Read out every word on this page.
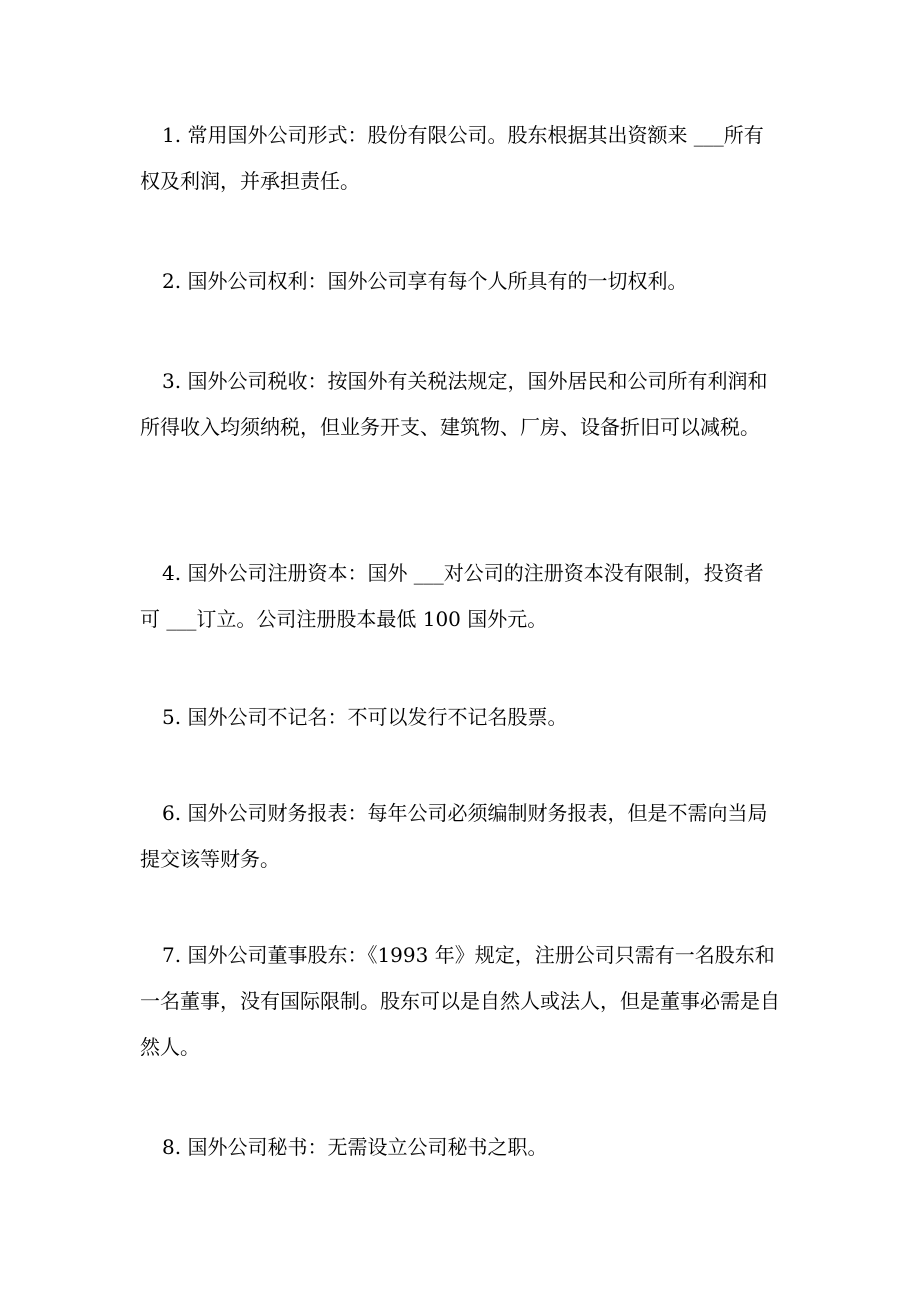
1. 常用国外公司形式：股份有限公司。股东根据其出资额来 ___所有权及利润，并承担责任。

2. 国外公司权利：国外公司享有每个人所具有的一切权利。

3. 国外公司税收：按国外有关税法规定，国外居民和公司所有利润和所得收入均须纳税，但业务开支、建筑物、厂房、设备折旧可以减税。

4. 国外公司注册资本：国外 ___对公司的注册资本没有限制，投资者可 ___订立。公司注册股本最低 100 国外元。

5. 国外公司不记名：不可以发行不记名股票。

6. 国外公司财务报表：每年公司必须编制财务报表，但是不需向当局提交该等财务。

7. 国外公司董事股东：《1993 年》规定，注册公司只需有一名股东和一名董事，没有国际限制。股东可以是自然人或法人，但是董事必需是自然人。

8. 国外公司秘书：无需设立公司秘书之职。
